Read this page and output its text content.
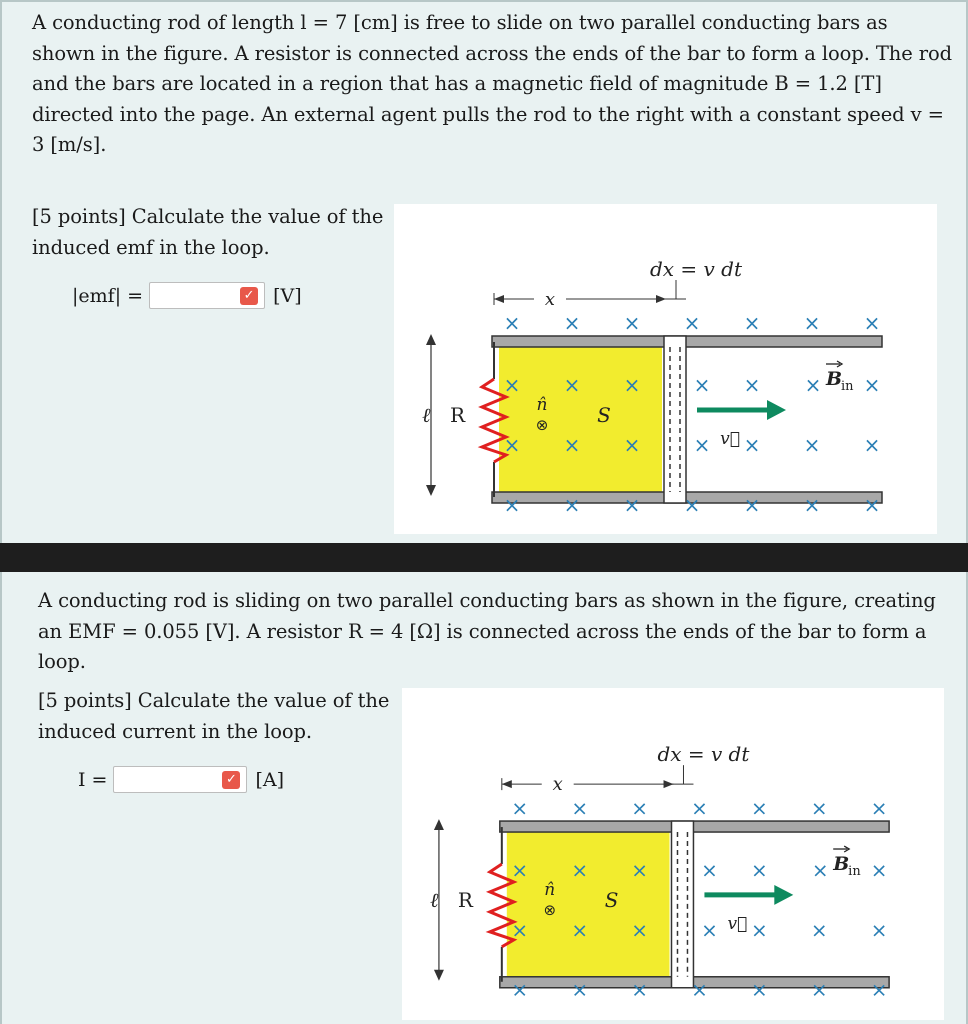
A conducting rod of length l = 7 [cm] is free to slide on two parallel conducting bars as
shown in the figure. A resistor is connected across the ends of the bar to form a loop. The rod
and the bars are located in a region that has a magnetic field of magnitude B = 1.2 [T]
directed into the page. An external agent pulls the rod to the right with a constant speed v =
3 [m/s].
[5 points] Calculate the value of the
induced emf in the loop.
|emf| =	✓ [V]
ℓ R
x
dx = v dt
× × × × × × ×
× × × × × × ×
× × ×
× × ×
× ×	×
× × × ×
n̂
⊗ S
v⃗
B
in
×
A conducting rod is sliding on two parallel conducting bars as shown in the figure, creating
an EMF = 0.055 [V]. A resistor R = 4 [Ω] is connected across the ends of the bar to form a
loop.
[5 points] Calculate the value of the
induced current in the loop.
I =	✓ [A]
ℓ R
x
dx = v dt
× × × × × × ×
× × × × × × ×
× × ×
× × ×
× ×	×
× × × ×
n̂
⊗ S
v⃗
B
in
×
